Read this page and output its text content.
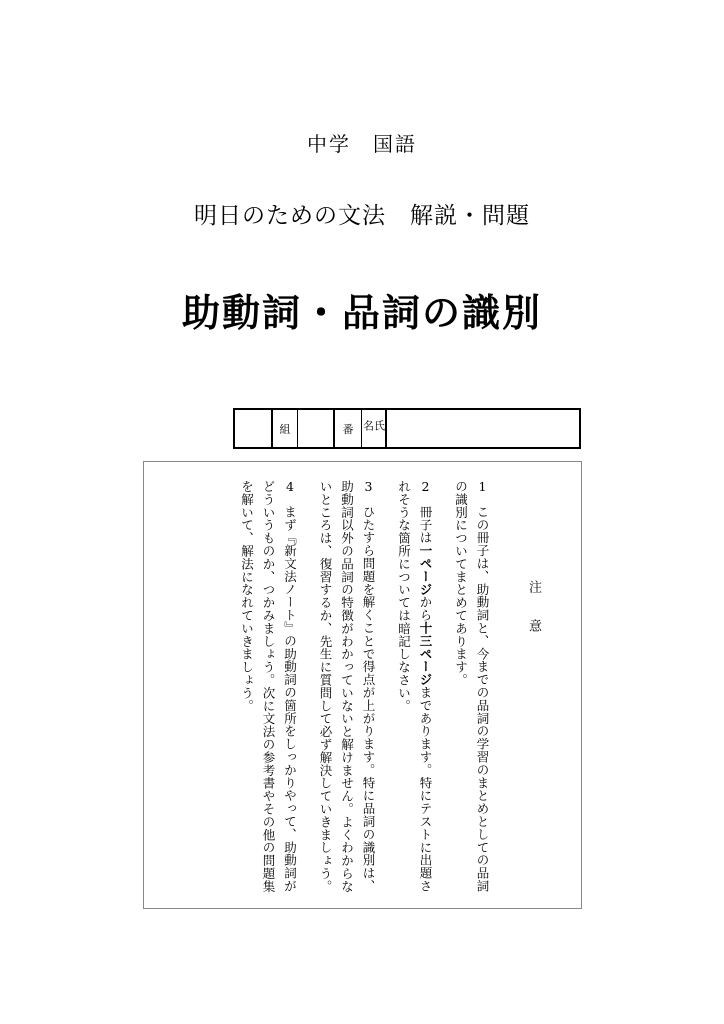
中学　国語
明日のための文法　解説・問題
助動詞・品詞の識別
組	番	氏名
注意
1　この冊子は、助動詞と、今までの品詞の学習のまとめとしての品詞の識別についてまとめてあります。
2　冊子は一ページから十三ページまであります。特にテストに出題されそうな箇所については暗記しなさい。
3　ひたすら問題を解くことで得点が上がります。特に品詞の識別は、助動詞以外の品詞の特徴がわかっていないと解けません。よくわからないところは、復習するか、先生に質問して必ず解決していきましょう。
4　まず『新文法ノート』の助動詞の箇所をしっかりやって、助動詞がどういうものか、つかみましょう。次に文法の参考書やその他の問題集を解いて、解法になれていきましょう。
